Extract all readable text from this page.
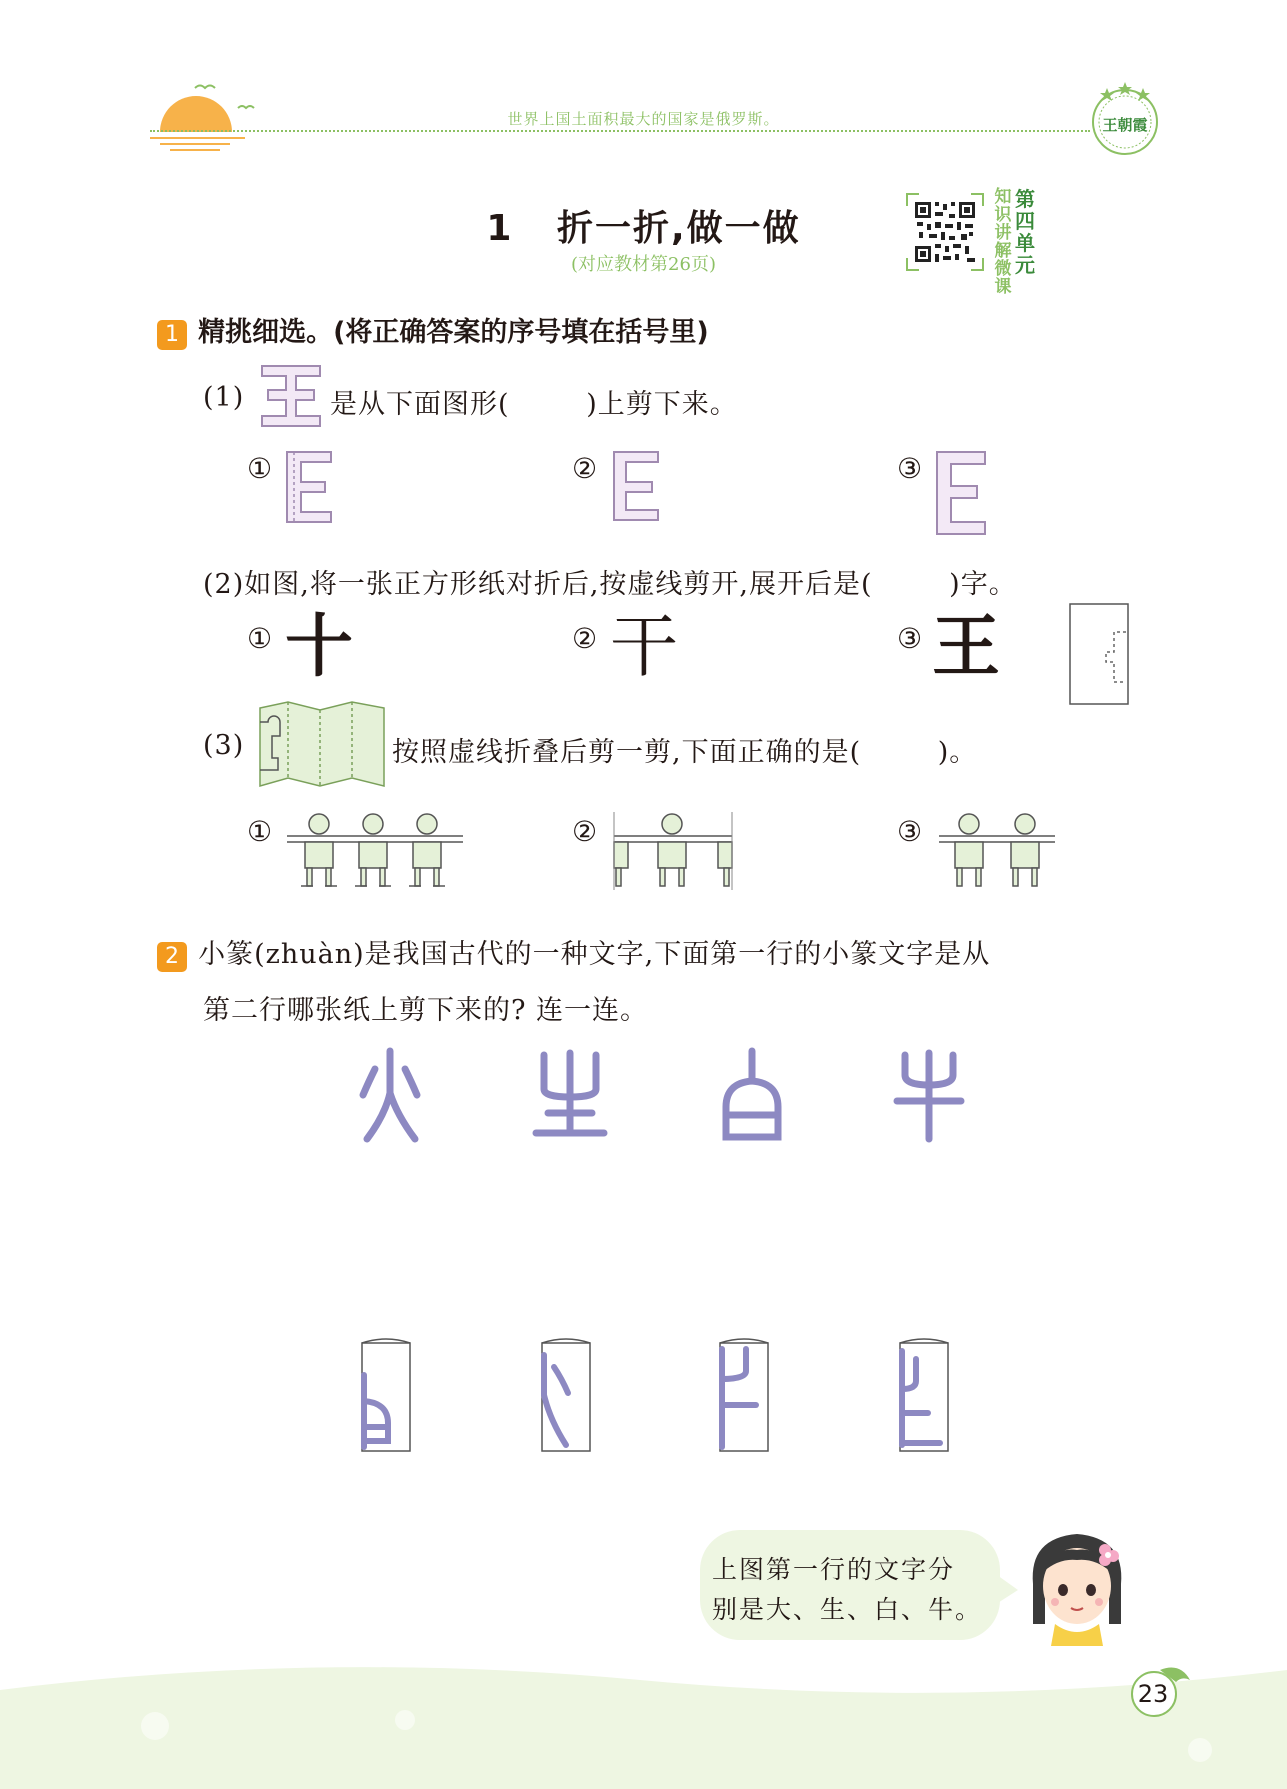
世界上国土面积最大的国家是俄罗斯。	王朝霞
1 折一折,做一做
(对应教材第26页)
知识讲解微课
第四单元
1 精挑细选。(将正确答案的序号填在括号里)
(1)	是从下面图形(        )上剪下来。
①	②	③
(2)如图,将一张正方形纸对折后,按虚线剪开,展开后是(        )字。
① 十	② 干	③ 王
(3)	按照虚线折叠后剪一剪,下面正确的是(        )。
①	②	③
2 小篆(zhuàn)是我国古代的一种文字,下面第一行的小篆文字是从
第二行哪张纸上剪下来的? 连一连。
上图第一行的文字分
别是大、生、白、牛。
23
